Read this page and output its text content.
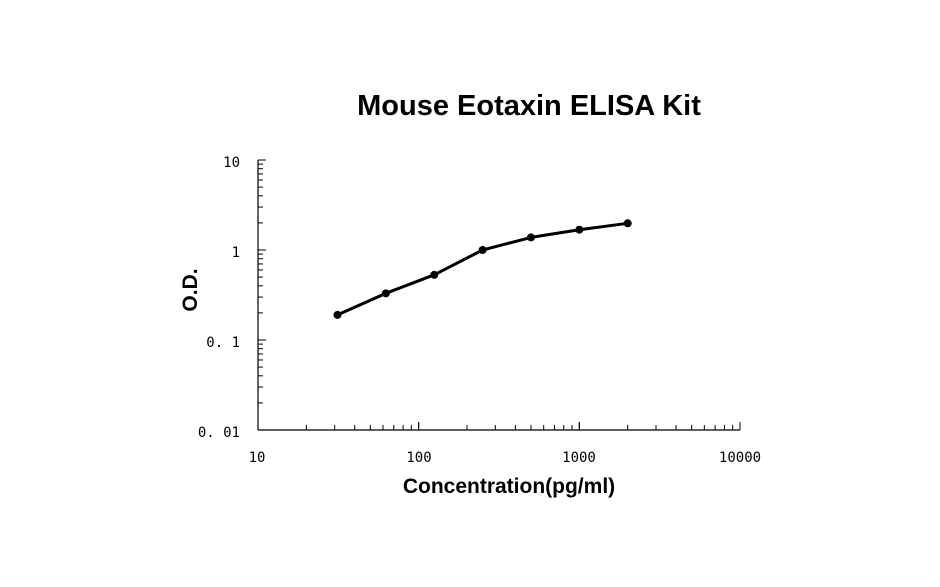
Mouse Eotaxin ELISA Kit
10
1
0. 1
0. 01
10	100	1000	10000
Concentration(pg/ml)
O.D.
